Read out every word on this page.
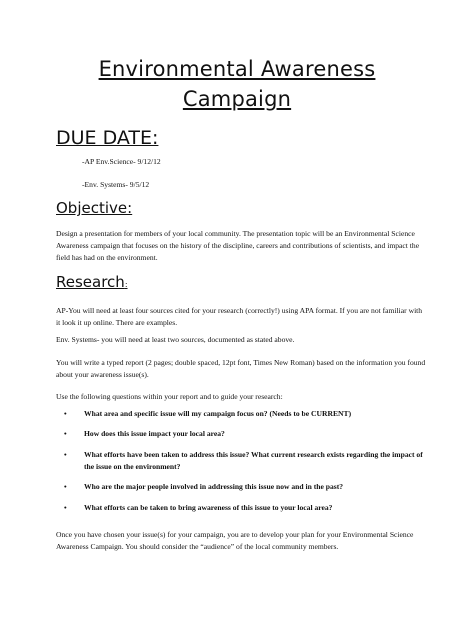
Environmental Awareness
Campaign
DUE DATE:
-AP Env.Science- 9/12/12
-Env. Systems- 9/5/12
Objective:

Design a presentation for members of your local community. The presentation topic will be an Environmental Science Awareness campaign that focuses on the history of the discipline, careers and contributions of scientists, and impact the field has had on the environment.

Research:

AP-You will need at least four sources cited for your research (correctly!) using APA format. If you are not familiar with it look it up online. There are examples.

Env. Systems- you will need at least two sources, documented as stated above.

You will write a typed report (2 pages; double spaced, 12pt font, Times New Roman) based on the information you found about your awareness issue(s).

Use the following questions within your report and to guide your research:

• What area and specific issue will my campaign focus on? (Needs to be CURRENT)
• How does this issue impact your local area?
• What efforts have been taken to address this issue? What current research exists regarding the impact of the issue on the environment?
• Who are the major people involved in addressing this issue now and in the past?
• What efforts can be taken to bring awareness of this issue to your local area?

Once you have chosen your issue(s) for your campaign, you are to develop your plan for your Environmental Science Awareness Campaign. You should consider the “audience” of the local community members.
